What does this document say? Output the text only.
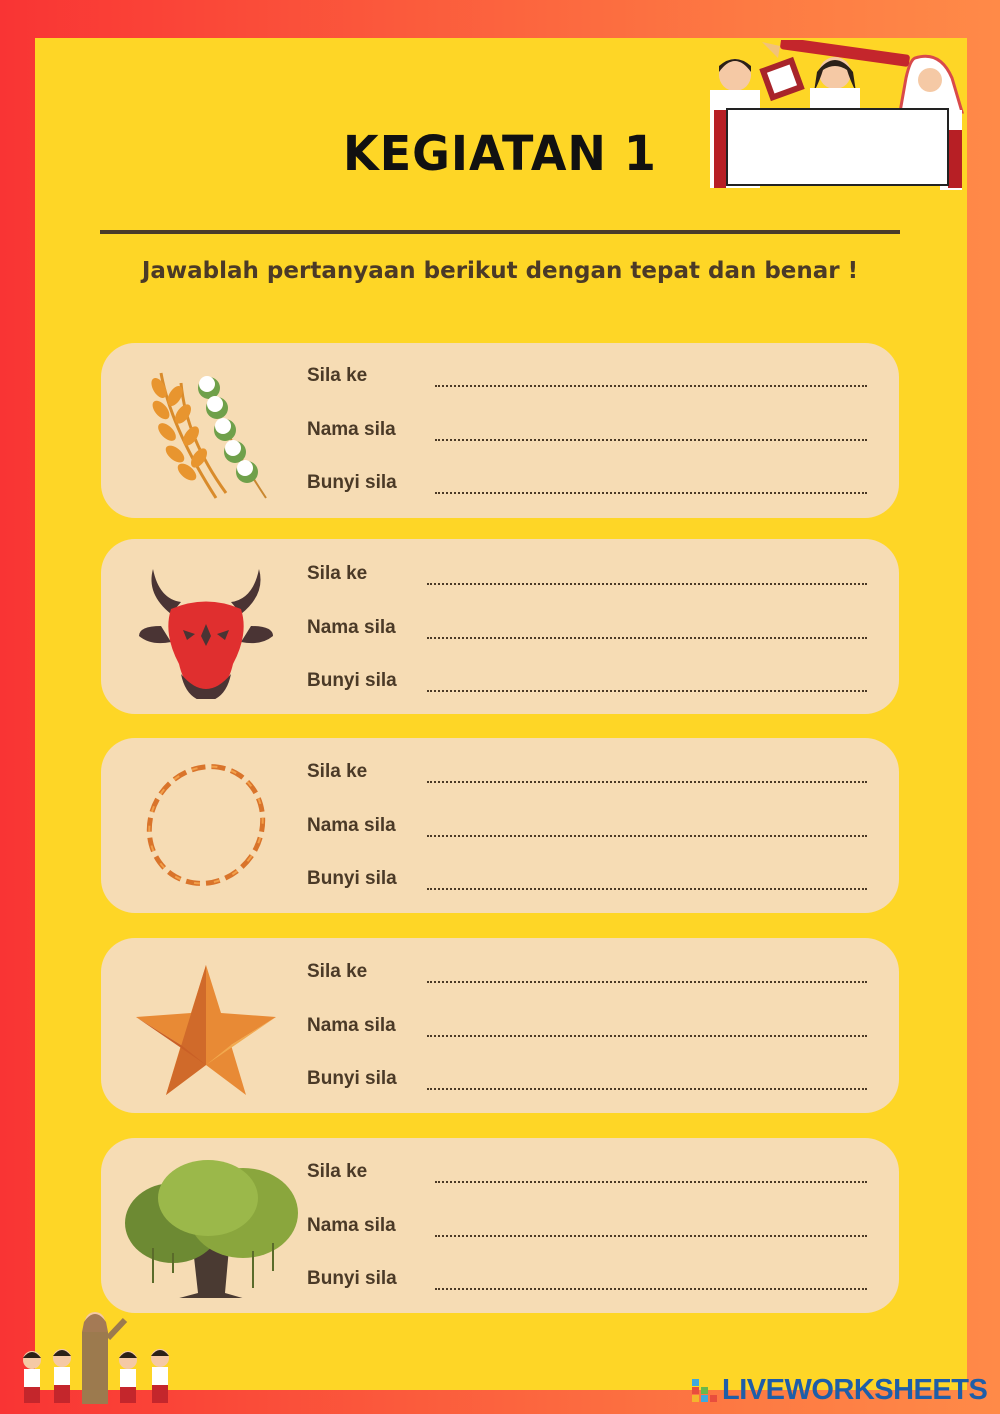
KEGIATAN 1
Jawablah pertanyaan berikut dengan tepat dan benar !
Sila ke
Nama sila
Bunyi sila
Sila ke
Nama sila
Bunyi sila
Sila ke
Nama sila
Bunyi sila
Sila ke
Nama sila
Bunyi sila
Sila ke
Nama sila
Bunyi sila
LIVEWORKSHEETS
